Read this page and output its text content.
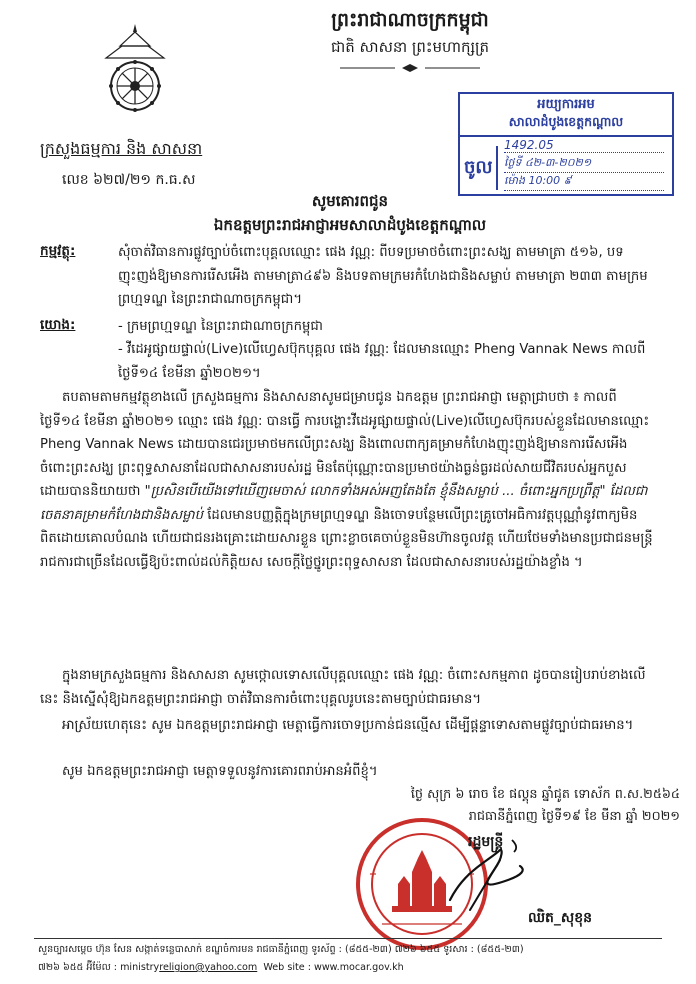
ព្រះរាជាណាចក្រកម្ពុជា
ជាតិ សាសនា ព្រះមហាក្សត្រ
ក្រសួងធម្មការ និង សាសនា
លេខ ៦២៧/២១ ក.ធ.ស
អយ្យការអម
សាលាដំបូងខេត្តកណ្ដាល
ចូល
1492.05
ថ្ងៃទី ៤២-៣-២០២១
ម៉ោង 10:00 ៩
សូមគោរពជូន
ឯកឧត្តមព្រះរាជអាជ្ញាអមសាលាដំបូងខេត្តកណ្ដាល
កម្មវត្ថុ:	សុំចាត់វិធានការផ្លូវច្បាប់ចំពោះបុគ្គលឈ្មោះ ផេង វណ្ណ: ពីបទប្រមាថចំពោះព្រះសង្ឃ តាមមាត្រា ៥១៦, បទញុះញង់ឱ្យមានការរើសអើង តាមមាត្រា៤៩៦ និងបទតាមក្រមរកំហែងជានិងសម្លាប់ តាមមាត្រា ២៣៣ តាមក្រមព្រហ្មទណ្ឌ នៃព្រះរាជាណាចក្រកម្ពុជា។
យោង:	- ក្រមព្រហ្មទណ្ឌ នៃព្រះរាជាណាចក្រកម្ពុជា
- វីដេអូផ្សាយផ្ទាល់(Live)លើហ្វេសប៊ុកបុគ្គល ផេង វណ្ណ: ដែលមានឈ្មោះ Pheng Vannak News កាលពីថ្ងៃទី១៤ ខែមីនា ឆ្នាំ២០២១។
តបតាមតាមកម្មវត្ថុខាងលើ ក្រសួងធម្មការ និងសាសនាសូមជម្រាបជូន ឯកឧត្តម ព្រះរាជអាជ្ញា មេត្តាជ្រាបថា ៖ កាលពីថ្ងៃទី១៤ ខែមីនា ឆ្នាំ២០២១ ឈ្មោះ ផេង វណ្ណ: បានធ្វើ ការបង្ហោះវីដេអូផ្សាយផ្ទាល់(Live)លើហ្វេសប៊ុករបស់ខ្លួនដែលមានឈ្មោះ Pheng Vannak News ដោយបានជេរប្រមាថមកលើព្រះសង្ឃ និងពោលពាក្យគម្រាមកំហែងញុះញង់ឱ្យមានការរើសអើងចំពោះព្រះសង្ឃ ព្រះពុទ្ធសាសនាដែលជាសាសនារបស់រដ្ឋ មិនតែប៉ុណ្ណោះបានប្រមាថយ៉ាងធ្ងន់ធ្ងរដល់សាយជីវិតរបស់អ្នកបួស ដោយបាននិយាយថា "ប្រសិនបើយើងទៅឃើញមេចាស់ លោកទាំងអស់អញតែងតែ ខ្ញុំនឹងសម្លាប់ ... ចំពោះអ្នកប្រព្រឹត្ត" ដែលជាចេតនាគម្រាមកំហែងជានិងសម្លាប់ ដែលមានបញ្ញត្តិក្នុងក្រមព្រហ្មទណ្ឌ និងចោទបន្ថែមលើព្រះគ្រូចៅអធិការវត្តបុណ្ណាំនូវពាក្យមិនពិតដោយគោលបំណង ហើយជាជនរងគ្រោះដោយសារខ្លួន ព្រោះខ្លាចគេចាប់ខ្លួនមិនហ៊ានចូលវត្ត ហើយថែមទាំងមានប្រជាជនមន្ត្រីរាជការជាច្រើនដែលធ្វើឱ្យប៉ះពាល់ដល់កិត្តិយស សេចក្ដីថ្លៃថ្នូរព្រះពុទ្ធសាសនា ដែលជាសាសនារបស់រដ្ឋយ៉ាងខ្លាំង ។
ក្នុងនាមក្រសួងធម្មការ និងសាសនា សូមថ្កោលទោសលើបុគ្គលឈ្មោះ ផេង វណ្ណ: ចំពោះសកម្មភាព ដូចបានរៀបរាប់ខាងលើនេះ និងស្នើសុំឱ្យឯកឧត្តមព្រះរាជអាជ្ញា ចាត់វិធានការចំពោះបុគ្គលរូបនេះតាមច្បាប់ជាធរមាន។
អាស្រ័យហេតុនេះ សូម ឯកឧត្តមព្រះរាជអាជ្ញា មេត្តាធ្វើការចោទប្រកាន់ជនល្មើស ដើម្បីផ្តន្ទាទោសតាមផ្លូវច្បាប់ជាធរមាន។
សូម ឯកឧត្តមព្រះរាជអាជ្ញា មេត្តាទទួលនូវការគោរពរាប់អានអំពីខ្ញុំ។
ថ្ងៃ សុក្រ ៦ រោច ខែ ផល្គុន ឆ្នាំជូត ទោស័ក ព.ស.២៥៦៤
រាជធានីភ្នំពេញ ថ្ងៃទី១៩ ខែ មីនា ឆ្នាំ ២០២១
រដ្ឋមន្ត្រី
ឈិត_សុខុន
សួនច្បារសម្តេច ហ៊ុន សែន សង្កាត់ទន្លេបាសាក់ ខណ្ឌចំការមន រាជធានីភ្នំពេញ ទូរស័ព្ទ : (៨៥៥-២៣) ៧២៦ ៦៥៥ ទូរសារ : (៨៥៥-២៣)
៧២៦ ៦៥៥ អ៊ីម៉ែល : ministryreligion@yahoo.com Web site : www.mocar.gov.kh
